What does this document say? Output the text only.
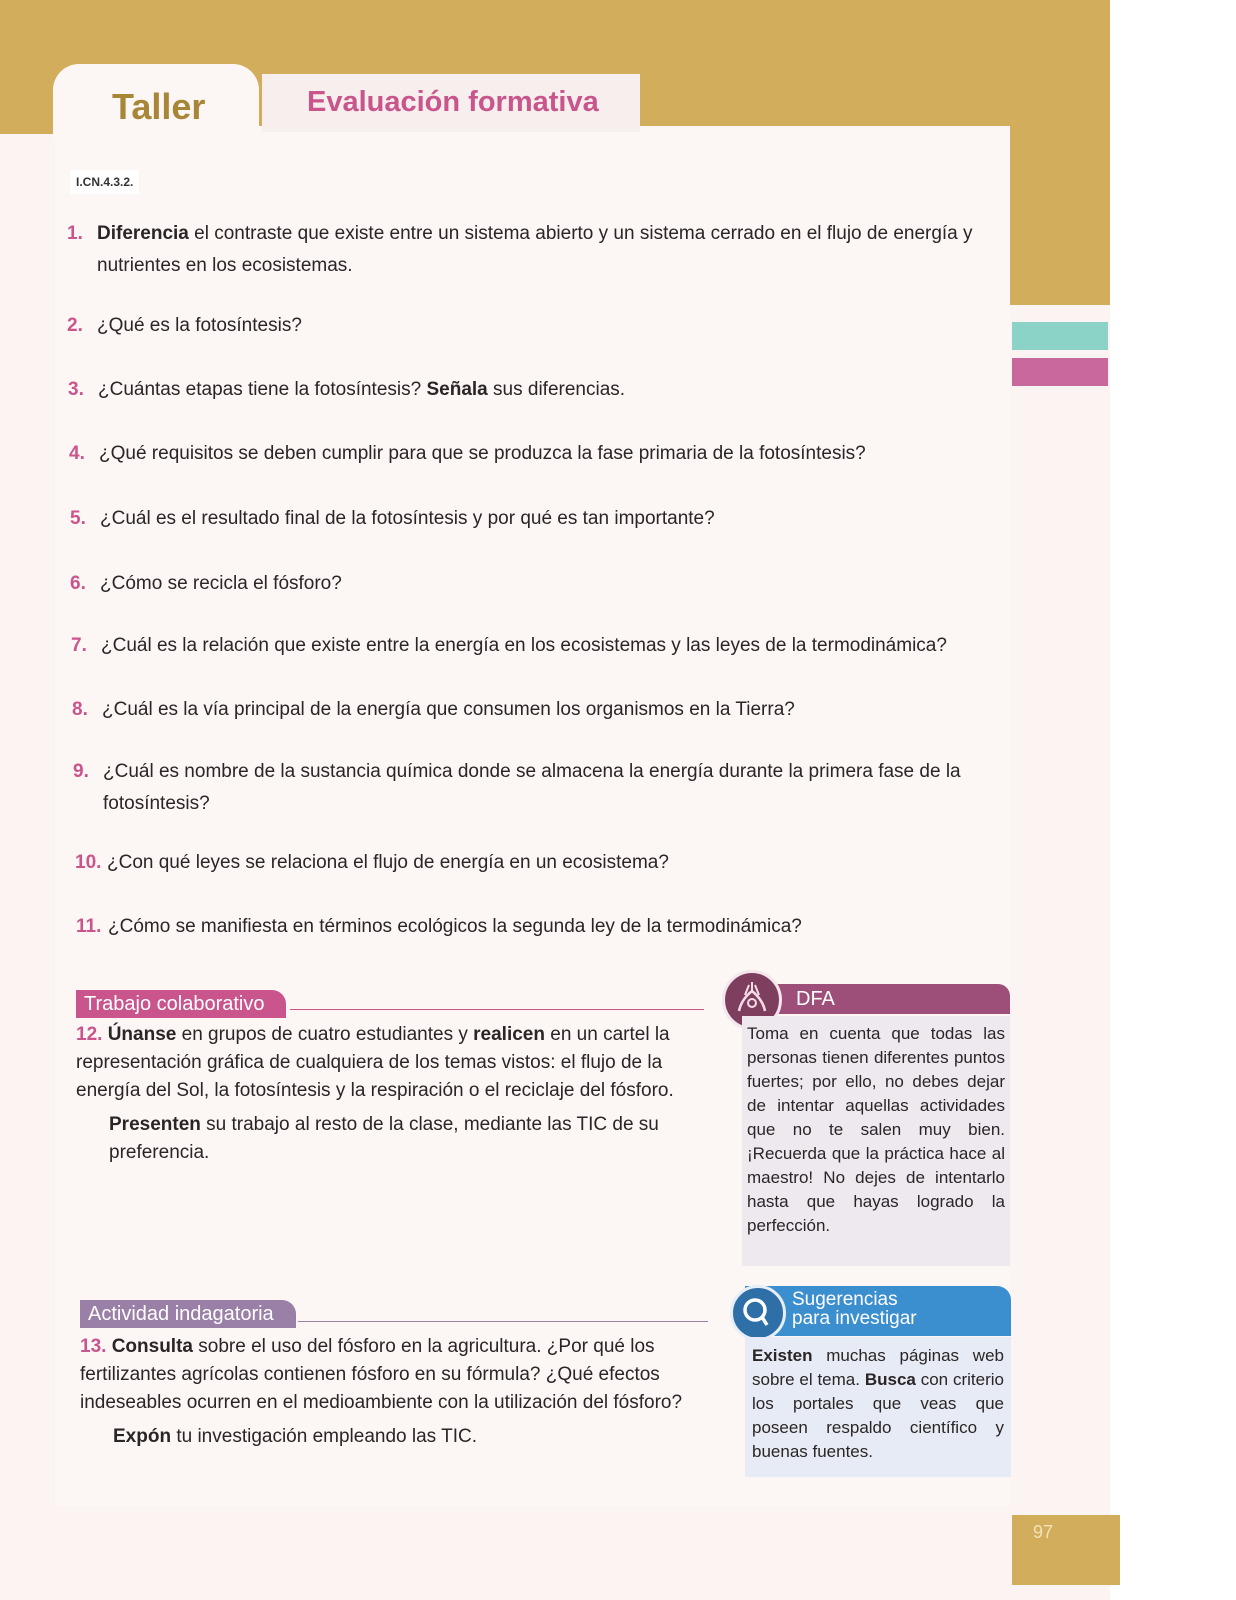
Taller	Evaluación formativa
I.CN.4.3.2.
1. Diferencia el contraste que existe entre un sistema abierto y un sistema cerrado en el flujo de energía y nutrientes en los ecosistemas.
2. ¿Qué es la fotosíntesis?
3. ¿Cuántas etapas tiene la fotosíntesis? Señala sus diferencias.
4. ¿Qué requisitos se deben cumplir para que se produzca la fase primaria de la fotosíntesis?
5. ¿Cuál es el resultado final de la fotosíntesis y por qué es tan importante?
6. ¿Cómo se recicla el fósforo?
7. ¿Cuál es la relación que existe entre la energía en los ecosistemas y las leyes de la termodinámica?
8. ¿Cuál es la vía principal de la energía que consumen los organismos en la Tierra?
9. ¿Cuál es nombre de la sustancia química donde se almacena la energía durante la primera fase de la fotosíntesis?
10. ¿Con qué leyes se relaciona el flujo de energía en un ecosistema?
11. ¿Cómo se manifiesta en términos ecológicos la segunda ley de la termodinámica?
Trabajo colaborativo
12. Únanse en grupos de cuatro estudiantes y realicen en un cartel la representación gráfica de cualquiera de los temas vistos: el flujo de la energía del Sol, la fotosíntesis y la respiración o el reciclaje del fósforo.
Presenten su trabajo al resto de la clase, mediante las TIC de su preferencia.
Actividad indagatoria
13. Consulta sobre el uso del fósforo en la agricultura. ¿Por qué los fertilizantes agrícolas contienen fósforo en su fórmula? ¿Qué efectos indeseables ocurren en el medioambiente con la utilización del fósforo?
Expón tu investigación empleando las TIC.
DFA
Toma en cuenta que todas las personas tienen diferentes puntos fuertes; por ello, no debes dejar de intentar aquellas actividades que no te salen muy bien. ¡Recuerda que la práctica hace al maestro! No dejes de intentarlo hasta que hayas logrado la perfección.
Sugerencias
para investigar
Existen muchas páginas web sobre el tema. Busca con criterio los portales que veas que poseen respaldo científico y buenas fuentes.
97
